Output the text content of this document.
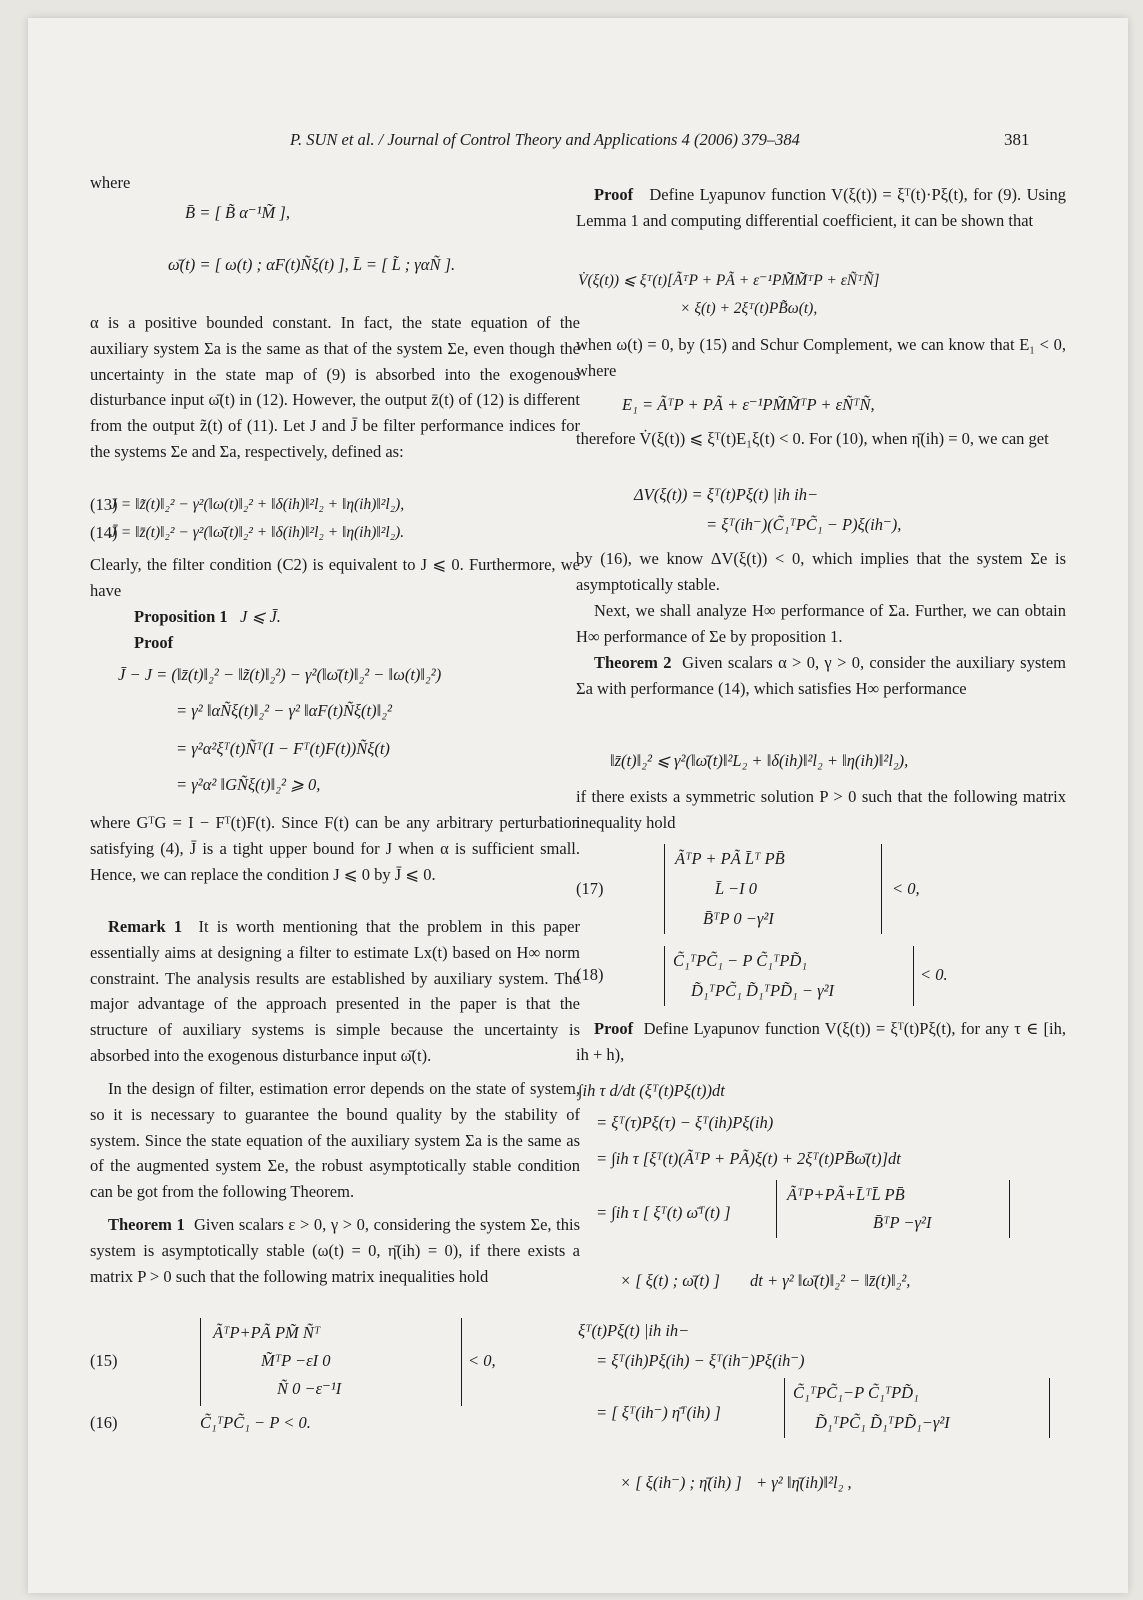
P. SUN et al. / Journal of Control Theory and Applications 4 (2006) 379–384	381
where
B̄ = [ B̃ α⁻¹M̃ ],
ω̄(t) = [ ω(t) ; αF(t)Ñξ(t) ], L̄ = [ L̃ ; γαÑ ].
α is a positive bounded constant. In fact, the state equation of the auxiliary system Σa is the same as that of the system Σe, even though the uncertainty in the state map of (9) is absorbed into the exogenous disturbance input ω̄(t) in (12). However, the output z̄(t) of (12) is different from the output z̃(t) of (11). Let J and J̄ be filter performance indices for the systems Σe and Σa, respectively, defined as:
J = ‖z̃(t)‖₂² − γ²(‖ω(t)‖₂² + ‖δ(ih)‖²l₂ + ‖η(ih)‖²l₂),
(13)
J̄ = ‖z̄(t)‖₂² − γ²(‖ω̄(t)‖₂² + ‖δ(ih)‖²l₂ + ‖η(ih)‖²l₂).
(14)
Clearly, the filter condition (C2) is equivalent to J ⩽ 0. Furthermore, we have
Proposition 1 J ⩽ J̄.
Proof
J̄ − J = (‖z̄(t)‖₂² − ‖z̃(t)‖₂²) − γ²(‖ω̄(t)‖₂² − ‖ω(t)‖₂²)
= γ² ‖αÑξ(t)‖₂² − γ² ‖αF(t)Ñξ(t)‖₂²
= γ²α²ξᵀ(t)Ñᵀ(I − Fᵀ(t)F(t))Ñξ(t)
= γ²α² ‖GÑξ(t)‖₂² ⩾ 0,
where GᵀG = I − Fᵀ(t)F(t). Since F(t) can be any arbitrary perturbation satisfying (4), J̄ is a tight upper bound for J when α is sufficient small. Hence, we can replace the condition J ⩽ 0 by J̄ ⩽ 0.
Remark 1 It is worth mentioning that the problem in this paper essentially aims at designing a filter to estimate Lx(t) based on H∞ norm constraint. The analysis results are established by auxiliary system. The major advantage of the approach presented in the paper is that the structure of auxiliary systems is simple because the uncertainty is absorbed into the exogenous disturbance input ω̄(t).
In the design of filter, estimation error depends on the state of system, so it is necessary to guarantee the bound quality by the stability of system. Since the state equation of the auxiliary system Σa is the same as of the augmented system Σe, the robust asymptotically stable condition can be got from the following Theorem.
Theorem 1 Given scalars ε > 0, γ > 0, considering the system Σe, this system is asymptotically stable (ω(t) = 0, η̄(ih) = 0), if there exists a matrix P > 0 such that the following matrix inequalities hold
ÃᵀP+PÃ PM̃ Ñᵀ
M̃ᵀP −εI 0
Ñ 0 −ε⁻¹I
< 0,
(15)
C̃₁ᵀPC̃₁ − P < 0.
(16)
Proof Define Lyapunov function V(ξ(t)) = ξᵀ(t)·Pξ(t), for (9). Using Lemma 1 and computing differential coefficient, it can be shown that
V̇(ξ(t)) ⩽ ξᵀ(t)[ÃᵀP + PÃ + ε⁻¹PM̃M̃ᵀP + εÑᵀÑ]
× ξ(t) + 2ξᵀ(t)PB̃ω(t),
when ω(t) = 0, by (15) and Schur Complement, we can know that E₁ < 0, where
E₁ = ÃᵀP + PÃ + ε⁻¹PM̃M̃ᵀP + εÑᵀÑ,
therefore V̇(ξ(t)) ⩽ ξᵀ(t)E₁ξ(t) < 0. For (10), when η̄(ih) = 0, we can get
ΔV(ξ(t)) = ξᵀ(t)Pξ(t) |ih ih−
= ξᵀ(ih⁻)(C̃₁ᵀPC̃₁ − P)ξ(ih⁻),
by (16), we know ΔV(ξ(t)) < 0, which implies that the system Σe is asymptotically stable.
Next, we shall analyze H∞ performance of Σa. Further, we can obtain H∞ performance of Σe by proposition 1.
Theorem 2 Given scalars α > 0, γ > 0, consider the auxiliary system Σa with performance (14), which satisfies H∞ performance
‖z̄(t)‖₂² ⩽ γ²(‖ω̄(t)‖²L₂ + ‖δ(ih)‖²l₂ + ‖η(ih)‖²l₂),
if there exists a symmetric solution P > 0 such that the following matrix inequality hold
ÃᵀP + PÃ L̄ᵀ PB̄
L̄ −I 0
B̄ᵀP 0 −γ²I
< 0,
(17)
C̃₁ᵀPC̃₁ − P C̃₁ᵀPD̃₁
D̃₁ᵀPC̃₁ D̃₁ᵀPD̃₁ − γ²I
< 0.
(18)
Proof Define Lyapunov function V(ξ(t)) = ξᵀ(t)Pξ(t), for any τ ∈ [ih, ih + h),
∫ih τ d/dt (ξᵀ(t)Pξ(t))dt
= ξᵀ(τ)Pξ(τ) − ξᵀ(ih)Pξ(ih)
= ∫ih τ [ξᵀ(t)(ÃᵀP + PÃ)ξ(t) + 2ξᵀ(t)PB̄ω̄(t)]dt
= ∫ih τ [ ξᵀ(t) ω̄ᵀ(t) ]
ÃᵀP+PÃ+L̄ᵀL̄ PB̄
B̄ᵀP −γ²I
× [ ξ(t) ; ω̄(t) ]	dt + γ² ‖ω̄(t)‖₂² − ‖z̄(t)‖₂²,
ξᵀ(t)Pξ(t) |ih ih−
= ξᵀ(ih)Pξ(ih) − ξᵀ(ih⁻)Pξ(ih⁻)
= [ ξᵀ(ih⁻) η̄ᵀ(ih) ]
C̃₁ᵀPC̃₁−P C̃₁ᵀPD̃₁
D̃₁ᵀPC̃₁ D̃₁ᵀPD̃₁−γ²I
× [ ξ(ih⁻) ; η̄(ih) ] + γ² ‖η̄(ih)‖²l₂ ,
